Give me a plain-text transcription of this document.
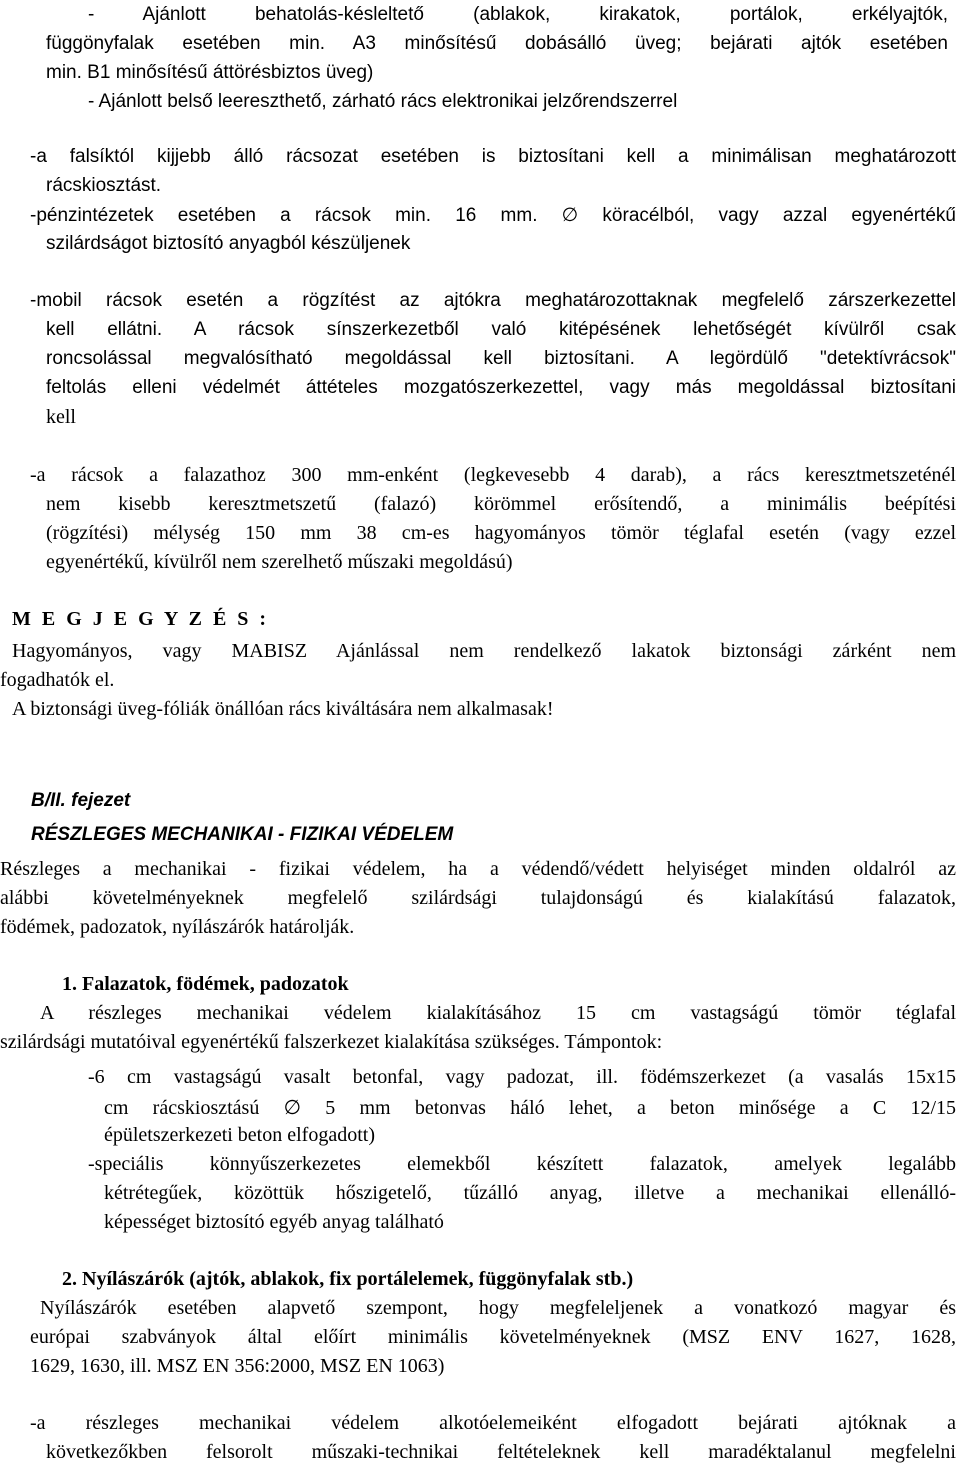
- Ajánlott behatolás-késleltető (ablakok, kirakatok, portálok, erkélyajtók,
függönyfalak esetében min. A3 minősítésű dobásálló üveg; bejárati ajtók esetében
min. B1 minősítésű áttörésbiztos üveg)
- Ajánlott belső leereszthető, zárható rács elektronikai jelzőrendszerrel
-a falsíktól kijjebb álló rácsozat esetében is biztosítani kell a minimálisan meghatározott
rácskiosztást.
-pénzintézetek esetében a rácsok min. 16 mm. ∅ köracélból, vagy azzal egyenértékű
szilárdságot biztosító anyagból készüljenek
-mobil rácsok esetén a rögzítést az ajtókra meghatározottaknak megfelelő zárszerkezettel
kell ellátni. A rácsok sínszerkezetből való kitépésének lehetőségét kívülről csak
roncsolással megvalósítható megoldással kell biztosítani. A legördülő "detektívrácsok"
feltolás elleni védelmét áttételes mozgatószerkezettel, vagy más megoldással biztosítani
kell
-a rácsok a falazathoz 300 mm-enként (legkevesebb 4 darab), a rács keresztmetszeténél
nem kisebb keresztmetszetű (falazó) körömmel erősítendő, a minimális beépítési
(rögzítési) mélység 150 mm 38 cm-es hagyományos tömör téglafal esetén (vagy ezzel
egyenértékű, kívülről nem szerelhető műszaki megoldású)
M E G J E G Y Z É S :
Hagyományos, vagy MABISZ Ajánlással nem rendelkező lakatok biztonsági zárként nem
fogadhatók el.
A biztonsági üveg-fóliák önállóan rács kiváltására nem alkalmasak!
B/II. fejezet
RÉSZLEGES MECHANIKAI - FIZIKAI VÉDELEM
Részleges a mechanikai - fizikai védelem, ha a védendő/védett helyiséget minden oldalról az
alábbi követelményeknek megfelelő szilárdsági tulajdonságú és kialakítású falazatok,
födémek, padozatok, nyílászárók határolják.
1. Falazatok, födémek, padozatok
A részleges mechanikai védelem kialakításához 15 cm vastagságú tömör téglafal
szilárdsági mutatóival egyenértékű falszerkezet kialakítása szükséges. Támpontok:
-6 cm vastagságú vasalt betonfal, vagy padozat, ill. födémszerkezet (a vasalás 15x15
cm rácskiosztású ∅ 5 mm betonvas háló lehet, a beton minősége a C 12/15
épületszerkezeti beton elfogadott)
-speciális könnyűszerkezetes elemekből készített falazatok, amelyek legalább
kétrétegűek, közöttük hőszigetelő, tűzálló anyag, illetve a mechanikai ellenálló-
képességet biztosító egyéb anyag található
2. Nyílászárók (ajtók, ablakok, fix portálelemek, függönyfalak stb.)
Nyílászárók esetében alapvető szempont, hogy megfeleljenek a vonatkozó magyar és
európai szabványok által előírt minimális követelményeknek (MSZ ENV 1627, 1628,
1629, 1630, ill. MSZ EN 356:2000, MSZ EN 1063)
-a részleges mechanikai védelem alkotóelemeiként elfogadott bejárati ajtóknak a
következőkben felsorolt műszaki-technikai feltételeknek kell maradéktalanul megfelelni
